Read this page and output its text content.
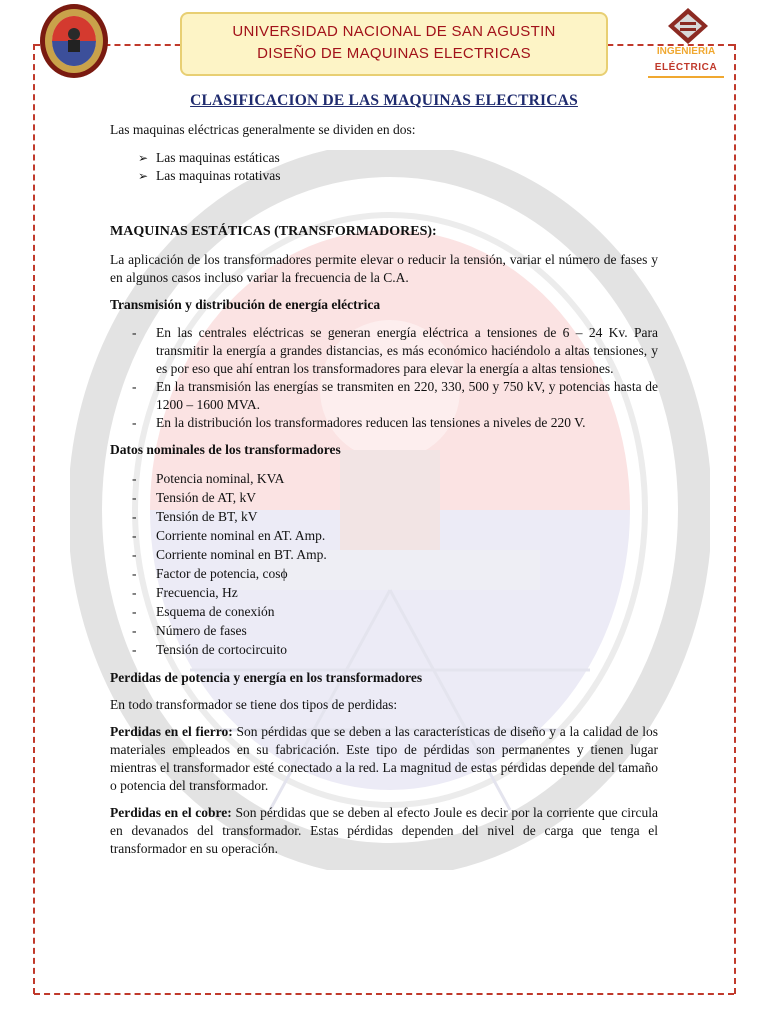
UNIVERSIDAD NACIONAL DE SAN AGUSTIN
DISEÑO DE MAQUINAS ELECTRICAS	INGENIERIA
ELÉCTRICA
CLASIFICACION DE LAS MAQUINAS ELECTRICAS

Las maquinas eléctricas generalmente se dividen en dos:

➢ Las maquinas estáticas
➢ Las maquinas rotativas
MAQUINAS ESTÁTICAS (TRANSFORMADORES):

La aplicación de los transformadores permite elevar o reducir la tensión, variar el número de fases y en algunos casos incluso variar la frecuencia de la C.A.

Transmisión y distribución de energía eléctrica
- En las centrales eléctricas se generan energía eléctrica a tensiones de 6 – 24 Kv. Para transmitir la energía a grandes distancias, es más económico haciéndolo a altas tensiones, y es por eso que ahí entran los transformadores para elevar la energía a altas tensiones.
- En la transmisión las energías se transmiten en 220, 330, 500 y 750 kV, y potencias hasta de 1200 – 1600 MVA.
- En la distribución los transformadores reducen las tensiones a niveles de 220 V.
Datos nominales de los transformadores
- Potencia nominal, KVA
- Tensión de AT, kV
- Tensión de BT, kV
- Corriente nominal en AT. Amp.
- Corriente nominal en BT. Amp.
- Factor de potencia, cosϕ
- Frecuencia, Hz
- Esquema de conexión
- Número de fases
- Tensión de cortocircuito
Perdidas de potencia y energía en los transformadores

En todo transformador se tiene dos tipos de perdidas:

Perdidas en el fierro: Son pérdidas que se deben a las características de diseño y a la calidad de los materiales empleados en su fabricación. Este tipo de pérdidas son permanentes y tienen lugar mientras el transformador esté conectado a la red. La magnitud de estas pérdidas depende del tamaño o potencia del transformador.

Perdidas en el cobre: Son pérdidas que se deben al efecto Joule es decir por la corriente que circula en devanados del transformador. Estas pérdidas dependen del nivel de carga que tenga el transformador en su operación.
